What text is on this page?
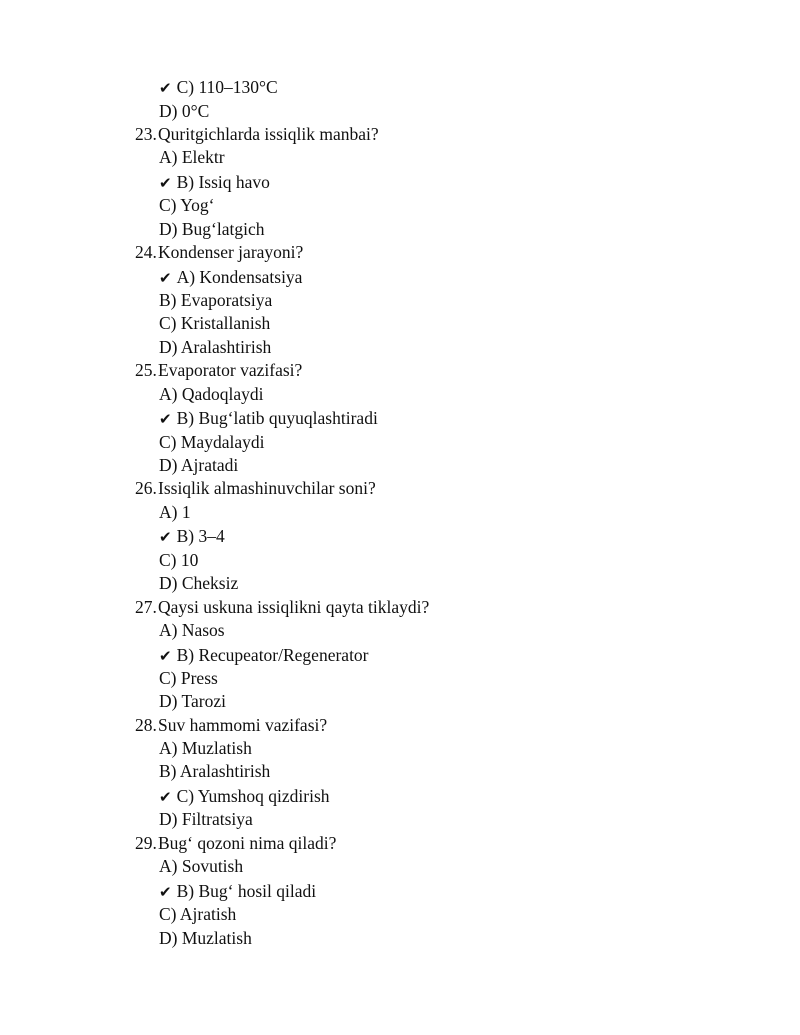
✔ C) 110–130°C
D) 0°C
23. Quritgichlarda issiqlik manbai?
A) Elektr
✔ B) Issiq havo
C) Yog‘
D) Bug‘latgich
24. Kondenser jarayoni?
✔ A) Kondensatsiya
B) Evaporatsiya
C) Kristallanish
D) Aralashtirish
25. Evaporator vazifasi?
A) Qadoqlaydi
✔ B) Bug‘latib quyuqlashtiradi
C) Maydalaydi
D) Ajratadi
26. Issiqlik almashinuvchilar soni?
A) 1
✔ B) 3–4
C) 10
D) Cheksiz
27. Qaysi uskuna issiqlikni qayta tiklaydi?
A) Nasos
✔ B) Recupeator/Regenerator
C) Press
D) Tarozi
28. Suv hammomi vazifasi?
A) Muzlatish
B) Aralashtirish
✔ C) Yumshoq qizdirish
D) Filtratsiya
29. Bug‘ qozoni nima qiladi?
A) Sovutish
✔ B) Bug‘ hosil qiladi
C) Ajratish
D) Muzlatish
